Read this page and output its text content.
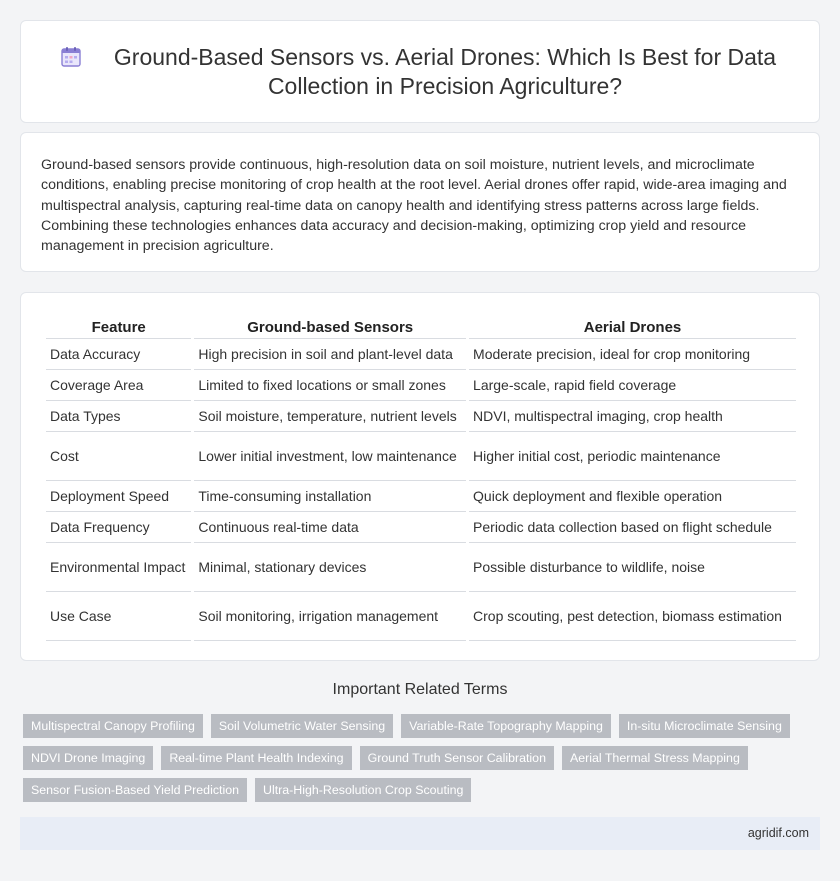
Ground-Based Sensors vs. Aerial Drones: Which Is Best for Data Collection in Precision Agriculture?

Ground-based sensors provide continuous, high-resolution data on soil moisture, nutrient levels, and microclimate conditions, enabling precise monitoring of crop health at the root level. Aerial drones offer rapid, wide-area imaging and multispectral analysis, capturing real-time data on canopy health and identifying stress patterns across large fields. Combining these technologies enhances data accuracy and decision-making, optimizing crop yield and resource management in precision agriculture.

Feature	Ground-based Sensors	Aerial Drones
Data Accuracy	High precision in soil and plant-level data	Moderate precision, ideal for crop monitoring
Coverage Area	Limited to fixed locations or small zones	Large-scale, rapid field coverage
Data Types	Soil moisture, temperature, nutrient levels	NDVI, multispectral imaging, crop health
Cost	Lower initial investment, low maintenance	Higher initial cost, periodic maintenance
Deployment Speed	Time-consuming installation	Quick deployment and flexible operation
Data Frequency	Continuous real-time data	Periodic data collection based on flight schedule
Environmental Impact	Minimal, stationary devices	Possible disturbance to wildlife, noise
Use Case	Soil monitoring, irrigation management	Crop scouting, pest detection, biomass estimation
Important Related Terms
Multispectral Canopy Profiling	Soil Volumetric Water Sensing	Variable-Rate Topography Mapping	In-situ Microclimate Sensing
NDVI Drone Imaging	Real-time Plant Health Indexing	Ground Truth Sensor Calibration	Aerial Thermal Stress Mapping
Sensor Fusion-Based Yield Prediction	Ultra-High-Resolution Crop Scouting
agridif.com
